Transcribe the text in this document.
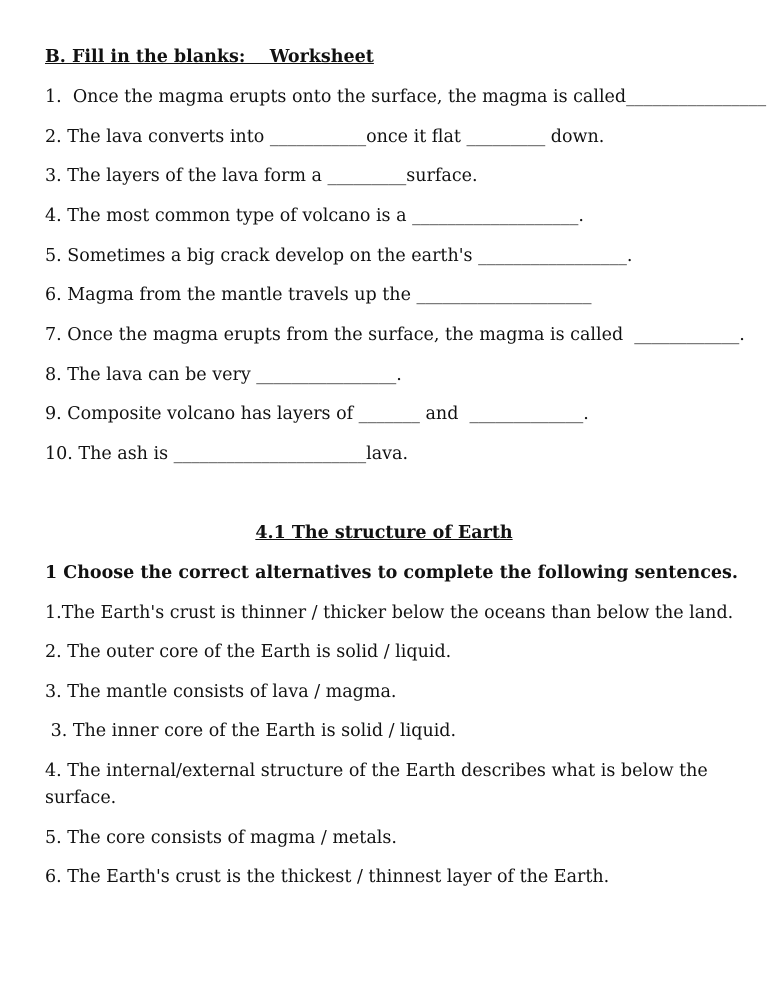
B. Fill in the blanks:    Worksheet
1.  Once the magma erupts onto the surface, the magma is called________________
2. The lava converts into ___________once it flat _________ down.
3. The layers of the lava form a _________surface.
4. The most common type of volcano is a ___________________.
5. Sometimes a big crack develop on the earth's _________________.
6. Magma from the mantle travels up the ____________________
7. Once the magma erupts from the surface, the magma is called  ____________.
8. The lava can be very ________________.
9. Composite volcano has layers of _______ and  _____________.
10. The ash is ______________________lava.
4.1 The structure of Earth
1 Choose the correct alternatives to complete the following sentences.
1.The Earth's crust is thinner / thicker below the oceans than below the land.
2. The outer core of the Earth is solid / liquid.
3. The mantle consists of lava / magma.
3. The inner core of the Earth is solid / liquid.
4. The internal/external structure of the Earth describes what is below the surface.
5. The core consists of magma / metals.
6. The Earth's crust is the thickest / thinnest layer of the Earth.
